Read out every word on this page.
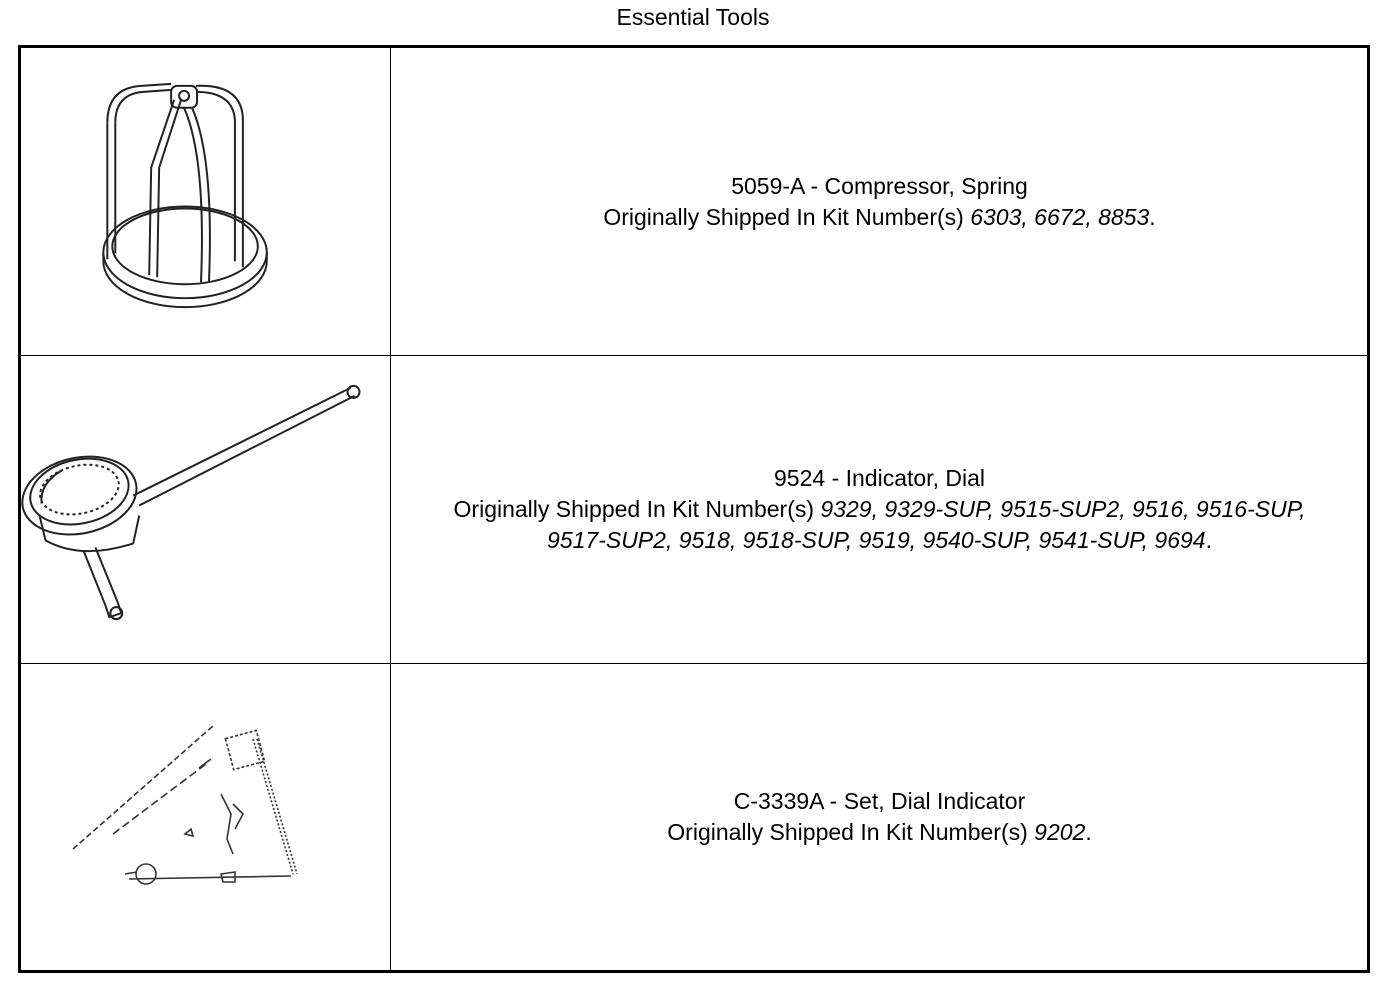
Essential Tools
5059-A - Compressor, Spring
Originally Shipped In Kit Number(s) 6303, 6672, 8853.
9524 - Indicator, Dial
Originally Shipped In Kit Number(s) 9329, 9329-SUP, 9515-SUP2, 9516, 9516-SUP,
9517-SUP2, 9518, 9518-SUP, 9519, 9540-SUP, 9541-SUP, 9694.
C-3339A - Set, Dial Indicator
Originally Shipped In Kit Number(s) 9202.
